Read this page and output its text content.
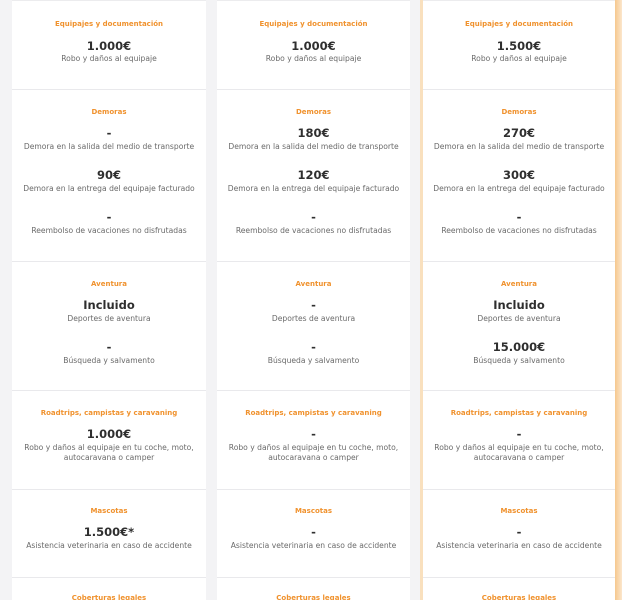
Equipajes y documentación
1.000€
Robo y daños al equipaje
Demoras
-
Demora en la salida del medio de transporte
90€
Demora en la entrega del equipaje facturado
-
Reembolso de vacaciones no disfrutadas
Aventura
Incluido
Deportes de aventura
-
Búsqueda y salvamento
Roadtrips, campistas y caravaning
1.000€
Robo y daños al equipaje en tu coche, moto, autocaravana o camper
Mascotas
1.500€*
Asistencia veterinaria en caso de accidente
Coberturas legales
Equipajes y documentación
1.000€
Robo y daños al equipaje
Demoras
180€
Demora en la salida del medio de transporte
120€
Demora en la entrega del equipaje facturado
-
Reembolso de vacaciones no disfrutadas
Aventura
-
Deportes de aventura
-
Búsqueda y salvamento
Roadtrips, campistas y caravaning
-
Robo y daños al equipaje en tu coche, moto, autocaravana o camper
Mascotas
-
Asistencia veterinaria en caso de accidente
Coberturas legales
Equipajes y documentación
1.500€
Robo y daños al equipaje
Demoras
270€
Demora en la salida del medio de transporte
300€
Demora en la entrega del equipaje facturado
-
Reembolso de vacaciones no disfrutadas
Aventura
Incluido
Deportes de aventura
15.000€
Búsqueda y salvamento
Roadtrips, campistas y caravaning
-
Robo y daños al equipaje en tu coche, moto, autocaravana o camper
Mascotas
-
Asistencia veterinaria en caso de accidente
Coberturas legales
